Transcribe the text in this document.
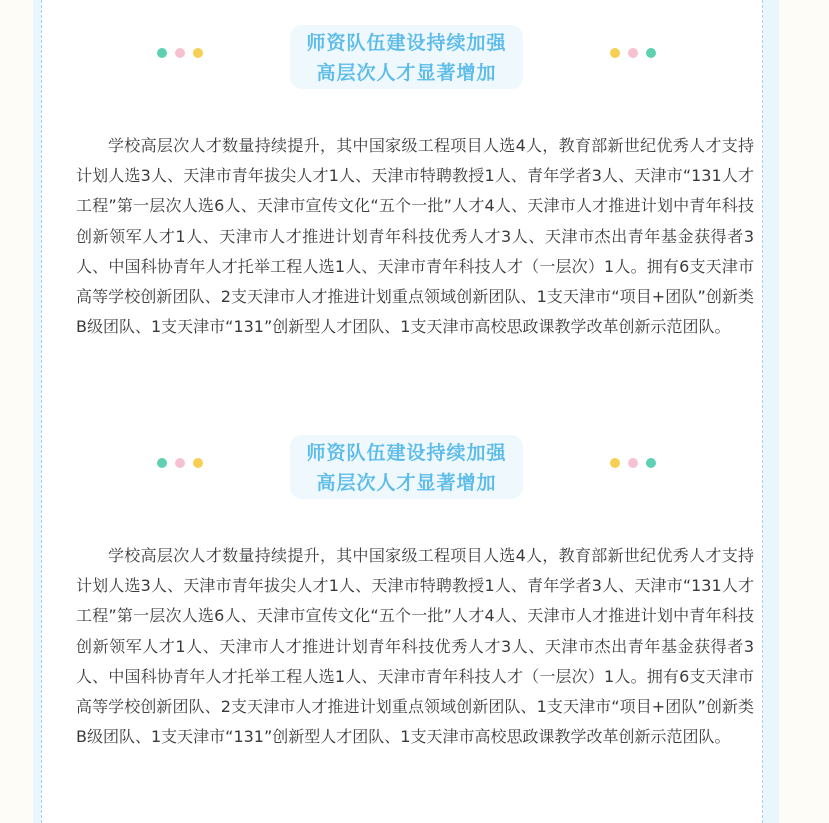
师资队伍建设持续加强
高层次人才显著增加

学校高层次人才数量持续提升，其中国家级工程项目人选4人，教育部新世纪优秀人才支持计划人选3人、天津市青年拔尖人才1人、天津市特聘教授1人、青年学者3人、天津市“131人才工程”第一层次人选6人、天津市宣传文化“五个一批”人才4人、天津市人才推进计划中青年科技创新领军人才1人、天津市人才推进计划青年科技优秀人才3人、天津市杰出青年基金获得者3人、中国科协青年人才托举工程人选1人、天津市青年科技人才（一层次）1人。拥有6支天津市高等学校创新团队、2支天津市人才推进计划重点领域创新团队、1支天津市“项目+团队”创新类B级团队、1支天津市“131”创新型人才团队、1支天津市高校思政课教学改革创新示范团队。

师资队伍建设持续加强
高层次人才显著增加

学校高层次人才数量持续提升，其中国家级工程项目人选4人，教育部新世纪优秀人才支持计划人选3人、天津市青年拔尖人才1人、天津市特聘教授1人、青年学者3人、天津市“131人才工程”第一层次人选6人、天津市宣传文化“五个一批”人才4人、天津市人才推进计划中青年科技创新领军人才1人、天津市人才推进计划青年科技优秀人才3人、天津市杰出青年基金获得者3人、中国科协青年人才托举工程人选1人、天津市青年科技人才（一层次）1人。拥有6支天津市高等学校创新团队、2支天津市人才推进计划重点领域创新团队、1支天津市“项目+团队”创新类B级团队、1支天津市“131”创新型人才团队、1支天津市高校思政课教学改革创新示范团队。
